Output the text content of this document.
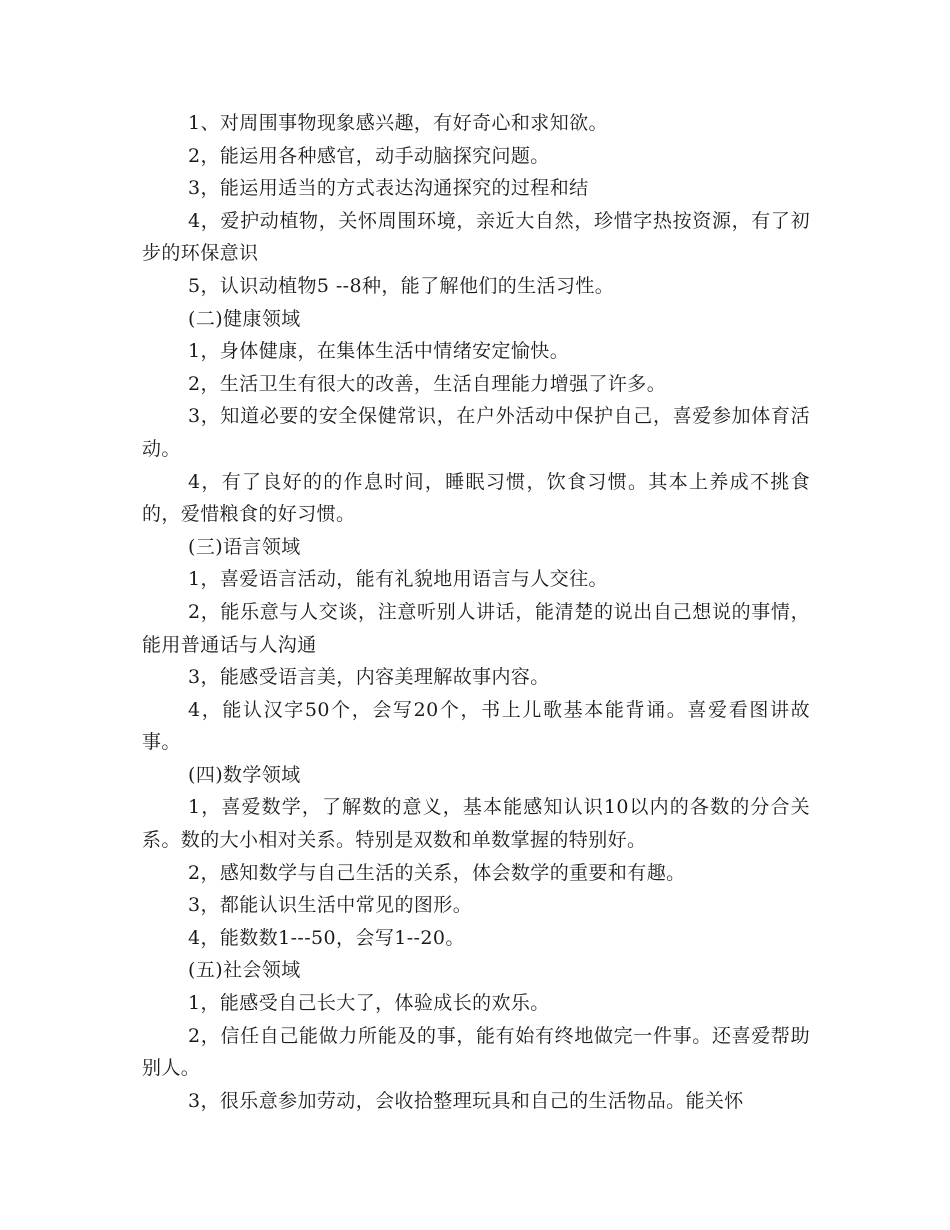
1、对周围事物现象感兴趣，有好奇心和求知欲。

2，能运用各种感官，动手动脑探究问题。

3，能运用适当的方式表达沟通探究的过程和结

4，爱护动植物，关怀周围环境，亲近大自然，珍惜字热按资源，有了初步的环保意识

5，认识动植物5 --8种，能了解他们的生活习性。

(二)健康领域

1，身体健康，在集体生活中情绪安定愉快。

2，生活卫生有很大的改善，生活自理能力增强了许多。

3，知道必要的安全保健常识，在户外活动中保护自己，喜爱参加体育活动。

4，有了良好的的作息时间，睡眠习惯，饮食习惯。其本上养成不挑食的，爱惜粮食的好习惯。

(三)语言领域

1，喜爱语言活动，能有礼貌地用语言与人交往。

2，能乐意与人交谈，注意听别人讲话，能清楚的说出自己想说的事情，能用普通话与人沟通

3，能感受语言美，内容美理解故事内容。

4，能认汉字50个，会写20个，书上儿歌基本能背诵。喜爱看图讲故事。

(四)数学领域

1，喜爱数学，了解数的意义，基本能感知认识10以内的各数的分合关系。数的大小相对关系。特别是双数和单数掌握的特别好。

2，感知数学与自己生活的关系，体会数学的重要和有趣。

3，都能认识生活中常见的图形。

4，能数数1---50，会写1--20。

(五)社会领域

1，能感受自己长大了，体验成长的欢乐。

2，信任自己能做力所能及的事，能有始有终地做完一件事。还喜爱帮助别人。

3，很乐意参加劳动，会收拾整理玩具和自己的生活物品。能关怀
